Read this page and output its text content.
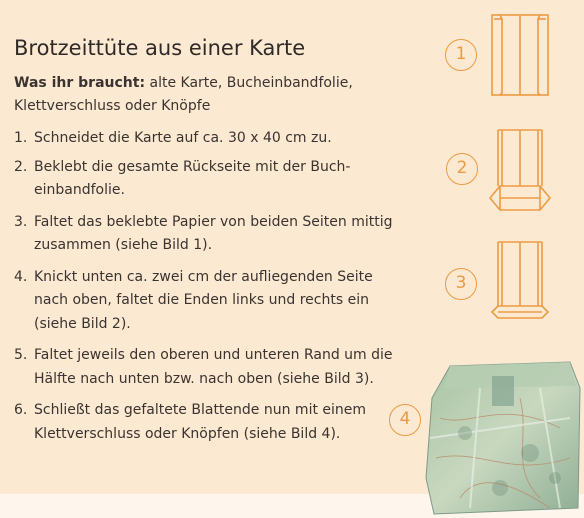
Brotzeittüte aus einer Karte

Was ihr braucht: alte Karte, Bucheinbandfolie, Klettverschluss oder Knöpfe

1. Schneidet die Karte auf ca. 30 x 40 cm zu.
2. Beklebt die gesamte Rückseite mit der Buch-einbandfolie.
3. Faltet das beklebte Papier von beiden Seiten mittig zusammen (siehe Bild 1).
4. Knickt unten ca. zwei cm der aufliegenden Seite nach oben, faltet die Enden links und rechts ein (siehe Bild 2).
5. Faltet jeweils den oberen und unteren Rand um die Hälfte nach unten bzw. nach oben (siehe Bild 3).
6. Schließt das gefaltete Blattende nun mit einem Klettverschluss oder Knöpfen (siehe Bild 4).
1
2
3
4
